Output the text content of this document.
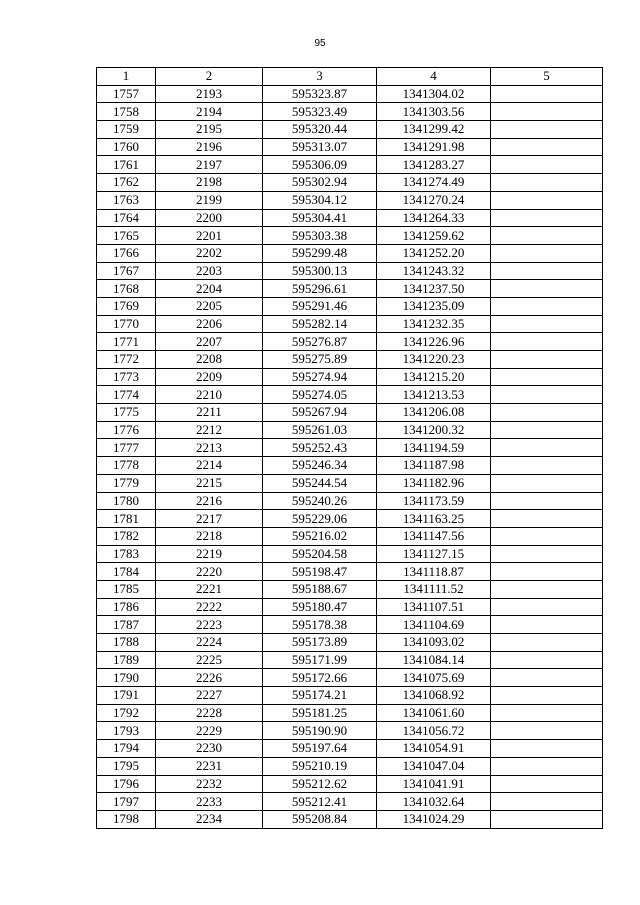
95
1	2	3	4	5
1757	2193	595323.87	1341304.02	
1758	2194	595323.49	1341303.56	
1759	2195	595320.44	1341299.42	
1760	2196	595313.07	1341291.98	
1761	2197	595306.09	1341283.27	
1762	2198	595302.94	1341274.49	
1763	2199	595304.12	1341270.24	
1764	2200	595304.41	1341264.33	
1765	2201	595303.38	1341259.62	
1766	2202	595299.48	1341252.20	
1767	2203	595300.13	1341243.32	
1768	2204	595296.61	1341237.50	
1769	2205	595291.46	1341235.09	
1770	2206	595282.14	1341232.35	
1771	2207	595276.87	1341226.96	
1772	2208	595275.89	1341220.23	
1773	2209	595274.94	1341215.20	
1774	2210	595274.05	1341213.53	
1775	2211	595267.94	1341206.08	
1776	2212	595261.03	1341200.32	
1777	2213	595252.43	1341194.59	
1778	2214	595246.34	1341187.98	
1779	2215	595244.54	1341182.96	
1780	2216	595240.26	1341173.59	
1781	2217	595229.06	1341163.25	
1782	2218	595216.02	1341147.56	
1783	2219	595204.58	1341127.15	
1784	2220	595198.47	1341118.87	
1785	2221	595188.67	1341111.52	
1786	2222	595180.47	1341107.51	
1787	2223	595178.38	1341104.69	
1788	2224	595173.89	1341093.02	
1789	2225	595171.99	1341084.14	
1790	2226	595172.66	1341075.69	
1791	2227	595174.21	1341068.92	
1792	2228	595181.25	1341061.60	
1793	2229	595190.90	1341056.72	
1794	2230	595197.64	1341054.91	
1795	2231	595210.19	1341047.04	
1796	2232	595212.62	1341041.91	
1797	2233	595212.41	1341032.64	
1798	2234	595208.84	1341024.29	
